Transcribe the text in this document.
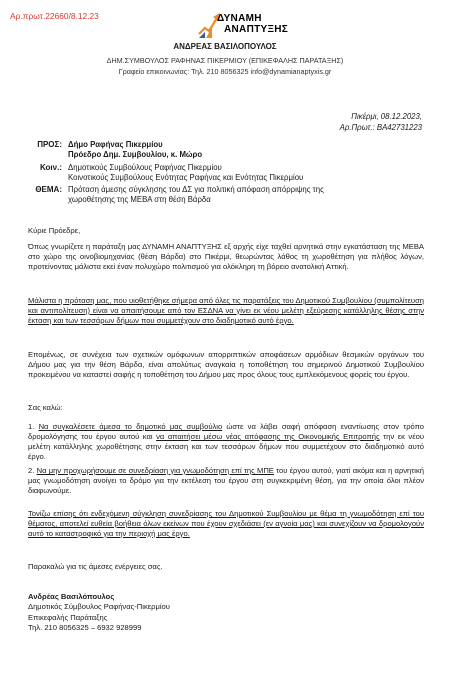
Αρ.πρωτ.22660/8.12.23	ΔΥΝΑΜΗ
ΑΝΑΠΤΥΞΗΣ
ΑΝΔΡΕΑΣ ΒΑΣΙΛΟΠΟΥΛΟΣ
ΔΗΜ.ΣΥΜΒΟΥΛΟΣ ΡΑΦΗΝΑΣ ΠΙΚΕΡΜΙΟΥ (ΕΠΙΚΕΦΑΛΗΣ ΠΑΡΑΤΑΞΗΣ)
Γραφείο επικοινωνίας: Τηλ. 210 8056325 info@dynamianaptyxis.gr
Πικέρμι, 08.12.2023,
Αρ.Πρωτ.: ΒΑ42731223
ΠΡΟΣ: Δήμο Ραφήνας Πικερμίου
Πρόεδρο Δημ. Συμβουλίου, κ. Μώρο
Κοιν.: Δημοτικούς Συμβούλους Ραφήνας Πικερμίου
Κοινοτικούς Συμβούλους Ενότητας Ραφήνας και Ενότητας Πικερμίου
ΘΕΜΑ: Πρόταση άμεσης σύγκλησης του ΔΣ για πολιτική απόφαση απόρριψης της
χωροθέτησης της ΜΕΒΑ στη θέση Βάρδα
Κύριε Πρόεδρε,
Όπως γνωρίζετε η παράταξη μας ΔΥΝΑΜΗ ΑΝΑΠΤΥΞΗΣ εξ αρχής είχε ταχθεί αρνητικά στην εγκατάσταση της ΜΕΒΑ στο χώρο της οινοβιομηχανίας (θέση Βάρδα) στο Πικέρμι, θεωρώντας λάθος τη χωροθέτηση για πλήθος λόγων, προτείνοντας μάλιστα εκεί έναν πολυχώρο πολιτισμού για ολόκληρη τη βόρειο ανατολική Αττική.
Μάλιστα η πρόταση μας, που υιοθετήθηκε σήμερα από όλες τις παρατάξεις του Δημοτικού Συμβουλίου (συμπολίτευση και αντιπολίτευση) είναι να απαιτήσουμε από τον ΕΣΔΝΑ να γίνει εκ νέου μελέτη εξεύρεσης κατάλληλης θέσης στην έκταση και των τεσσάρων δήμων που συμμετέχουν στο διαδημοτικό αυτό έργο.
Επομένως, σε συνέχεια των σχετικών ομόφωνων απορριπτικών αποφάσεων αρμόδιων θεσμικών οργάνων του Δήμου μας για την θέση Βάρδα, είναι απολύτως αναγκαία η τοποθέτηση του σημερινού Δημοτικού Συμβουλίου προκειμένου να καταστεί σαφής η τοποθέτηση του Δήμου μας προς όλους τους εμπλεκόμενους φορείς του έργου.
Σας καλώ:
1. Να συγκαλέσετε άμεσα το δημοτικό μας συμβούλιο ώστε να λάβει σαφή απόφαση εναντίωσης στον τρόπο δρομολόγησης του έργου αυτού και να απαιτήσει μέσω νέας απόφασης της Οικονομικής Επιτροπής την εκ νέου μελέτη κατάλληλης χωροθέτησης στην έκταση και των τεσσάρων δήμων που συμμετέχουν στο διαδημοτικό αυτό έργο.
2. Να μην προχωρήσουμε σε συνεδρίαση για γνωμοδότηση επί της ΜΠΕ του έργου αυτού, γιατί ακόμα και η αρνητική μας γνωμοδότηση ανοίγει το δρόμο για την εκτέλεση του έργου στη συγκεκριμένη θέση, για την οποία όλοι πλέον διαφωνούμε.
Τονίζω επίσης ότι ενδεχόμενη σύγκληση συνεδρίασης του Δημοτικού Συμβουλίου με θέμα τη γνωμοδότηση επί του θέματος, αποτελεί ευθεία βοήθεια όλων εκείνων που έχουν σχεδιάσει (εν αγνοία μας) και συνεχίζουν να δρομολογούν αυτό το καταστροφικό για την περιοχή μας έργο.
Παρακαλώ για τις άμεσες ενέργειες σας.
Ανδρέας Βασιλόπουλος
Δημοτικός Σύμβουλος Ραφήνας-Πικερμίου
Επικεφαλής Παράταξης
Τηλ. 210 8056325 – 6932 928999
